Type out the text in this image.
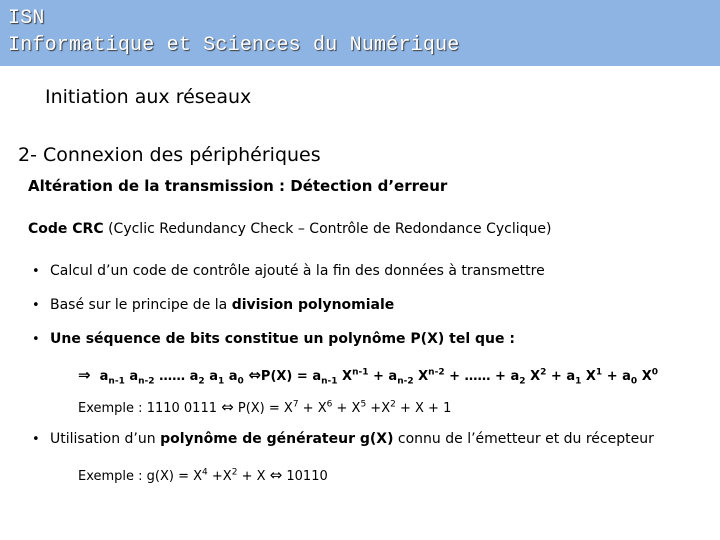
ISN
Informatique et Sciences du Numérique
Initiation aux réseaux
2- Connexion des périphériques
Altération de la transmission : Détection d’erreur
Code CRC (Cyclic Redundancy Check – Contrôle de Redondance Cyclique)
• Calcul d’un code de contrôle ajouté à la fin des données à transmettre
• Basé sur le principe de la division polynomiale
• Une séquence de bits constitue un polynôme P(X) tel que :
⇒ $a_{n-1}$ $a_{n-2}$ …… $a_2$ $a_1$ $a_0$ ⇔P(X) = $a_{n-1}$ $X^{n-1} + a_{n-2}$ $X^{n-2}$ + …… + $a_2$ $X^2 + a_1$ $X^1 + a_0$ $X^0$
Exemple : 1110 0111 ⇔ $P(X) = X^7 + X^6 + X^5 +X^2 + X + 1$
• Utilisation d’un polynôme de générateur g(X) connu de l’émetteur et du récepteur
Exemple : $g(X) = X^4 +X^2 + X$ ⇔ 10110
